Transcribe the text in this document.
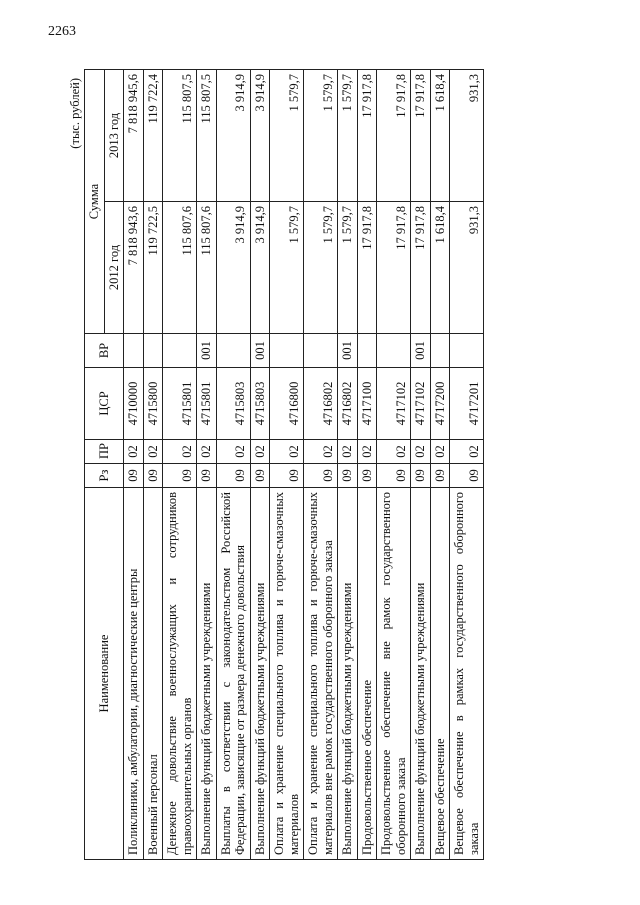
2263
(тыс. рублей)
Наименование	Рз	ПР	ЦСР	ВР	Сумма	
					2012 год	2013 год
Поликлиники, амбулатории, диагностические центры	09	02	4710000		7 818 943,6	7 818 945,6
Военный персонал	09	02	4715800		119 722,5	119 722,4
Денежное довольствие военнослужащих и сотрудников правоохранительных органов	09	02	4715801		115 807,6	115 807,5
Выполнение функций бюджетными учреждениями	09	02	4715801	001	115 807,6	115 807,5
Выплаты в соответствии с законодательством Российской Федерации, зависящие от размера денежного довольствия	09	02	4715803		3 914,9	3 914,9
Выполнение функций бюджетными учреждениями	09	02	4715803	001	3 914,9	3 914,9
Оплата и хранение специального топлива и горюче-смазочных материалов	09	02	4716800		1 579,7	1 579,7
Оплата и хранение специального топлива и горюче-смазочных материалов вне рамок государственного оборонного заказа	09	02	4716802		1 579,7	1 579,7
Выполнение функций бюджетными учреждениями	09	02	4716802	001	1 579,7	1 579,7
Продовольственное обеспечение	09	02	4717100		17 917,8	17 917,8
Продовольственное обеспечение вне рамок государственного оборонного заказа	09	02	4717102		17 917,8	17 917,8
Выполнение функций бюджетными учреждениями	09	02	4717102	001	17 917,8	17 917,8
Вещевое обеспечение	09	02	4717200		1 618,4	1 618,4
Вещевое обеспечение в рамках государственного оборонного заказа	09	02	4717201		931,3	931,3
